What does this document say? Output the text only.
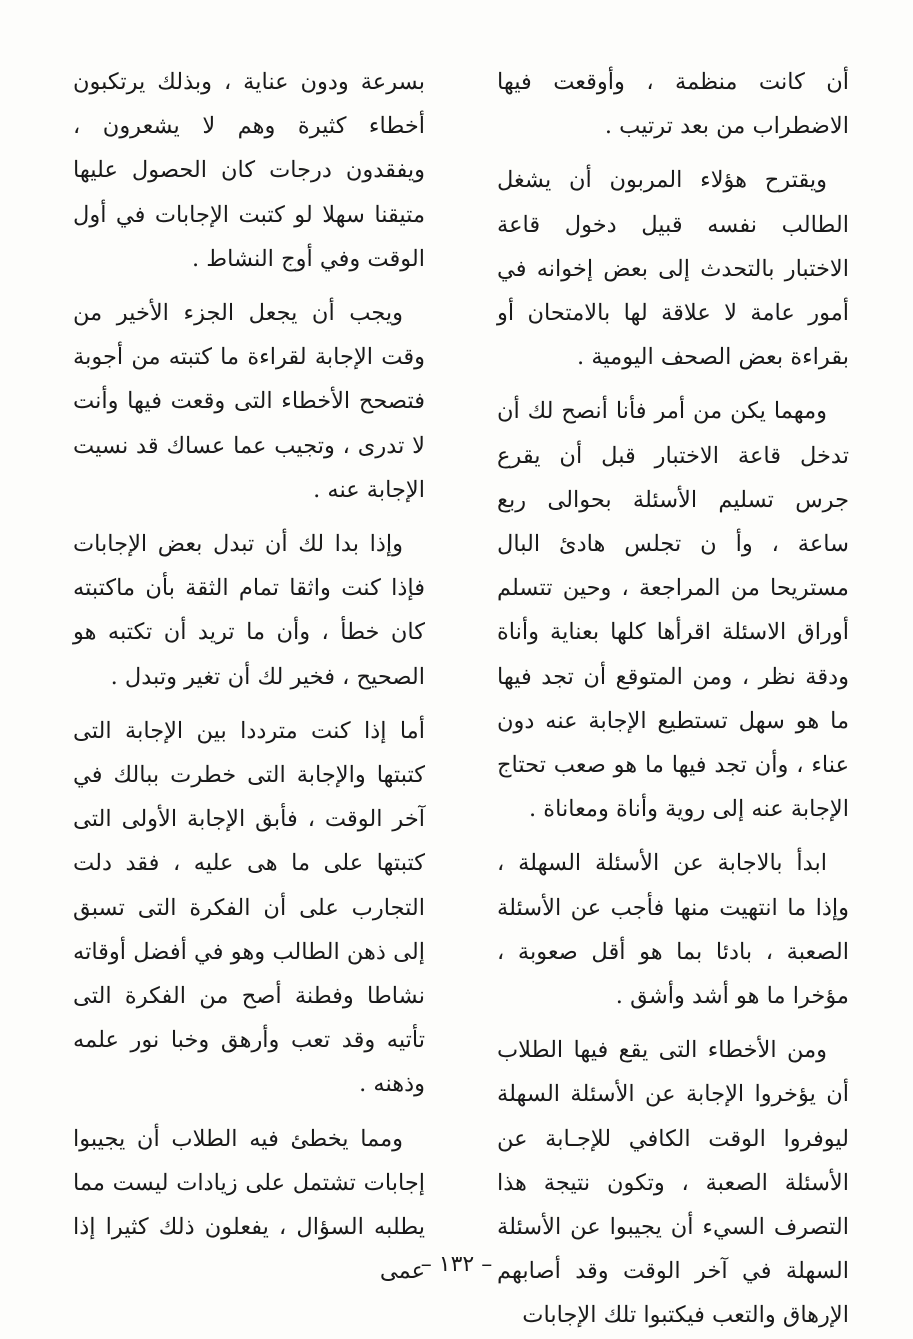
أن كانت منظمة ، وأوقعت فيها الاضطراب من بعد ترتيب .

ويقترح هؤلاء المربون أن يشغل الطالب نفسه قبيل دخول قاعة الاختبار بالتحدث إلى بعض إخوانه في أمور عامة لا علاقة لها بالامتحان أو بقراءة بعض الصحف اليومية .

ومهما يكن من أمر فأنا أنصح لك أن تدخل قاعة الاختبار قبل أن يقرع جرس تسليم الأسئلة بحوالى ربع ساعة ، وأ ن تجلس هادئ البال مستريحا من المراجعة ، وحين تتسلم أوراق الاسئلة اقرأها كلها بعناية وأناة ودقة نظر ، ومن المتوقع أن تجد فيها ما هو سهل تستطيع الإجابة عنه دون عناء ، وأن تجد فيها ما هو صعب تحتاج الإجابة عنه إلى روية وأناة ومعاناة .

ابدأ بالاجابة عن الأسئلة السهلة ، وإذا ما انتهيت منها فأجب عن الأسئلة الصعبة ، بادئا بما هو أقل صعوبة ، مؤخرا ما هو أشد وأشق .

ومن الأخطاء التى يقع فيها الطلاب أن يؤخروا الإجابة عن الأسئلة السهلة ليوفروا الوقت الكافي للإجـابة عن الأسئلة الصعبة ، وتكون نتيجة هذا التصرف السيء أن يجيبوا عن الأسئلة السهلة في آخر الوقت وقد أصابهم الإرهاق والتعب فيكتبوا تلك الإجابات

بسرعة ودون عناية ، وبذلك يرتكبون أخطاء كثيرة وهم لا يشعرون ، ويفقدون درجات كان الحصول عليها متيقنا سهلا لو كتبت الإجابات في أول الوقت وفي أوج النشاط .

ويجب أن يجعل الجزء الأخير من وقت الإجابة لقراءة ما كتبته من أجوبة فتصحح الأخطاء التى وقعت فيها وأنت لا تدرى ، وتجيب عما عساك قد نسيت الإجابة عنه .

وإذا بدا لك أن تبدل بعض الإجابات فإذا كنت واثقا تمام الثقة بأن ماكتبته كان خطأ ، وأن ما تريد أن تكتبه هو الصحيح ، فخير لك أن تغير وتبدل .

أما إذا كنت مترددا بين الإجابة التى كتبتها والإجابة التى خطرت ببالك في آخر الوقت ، فأبق الإجابة الأولى التى كتبتها على ما هى عليه ، فقد دلت التجارب على أن الفكرة التى تسبق إلى ذهن الطالب وهو في أفضل أوقاته نشاطا وفطنة أصح من الفكرة التى تأتيه وقد تعب وأرهق وخبا نور علمه وذهنه .

ومما يخطئ فيه الطلاب أن يجيبوا إجابات تشتمل على زيادات ليست مما يطلبه السؤال ، يفعلون ذلك كثيرا إذا عمى

– ١٣٢ –
